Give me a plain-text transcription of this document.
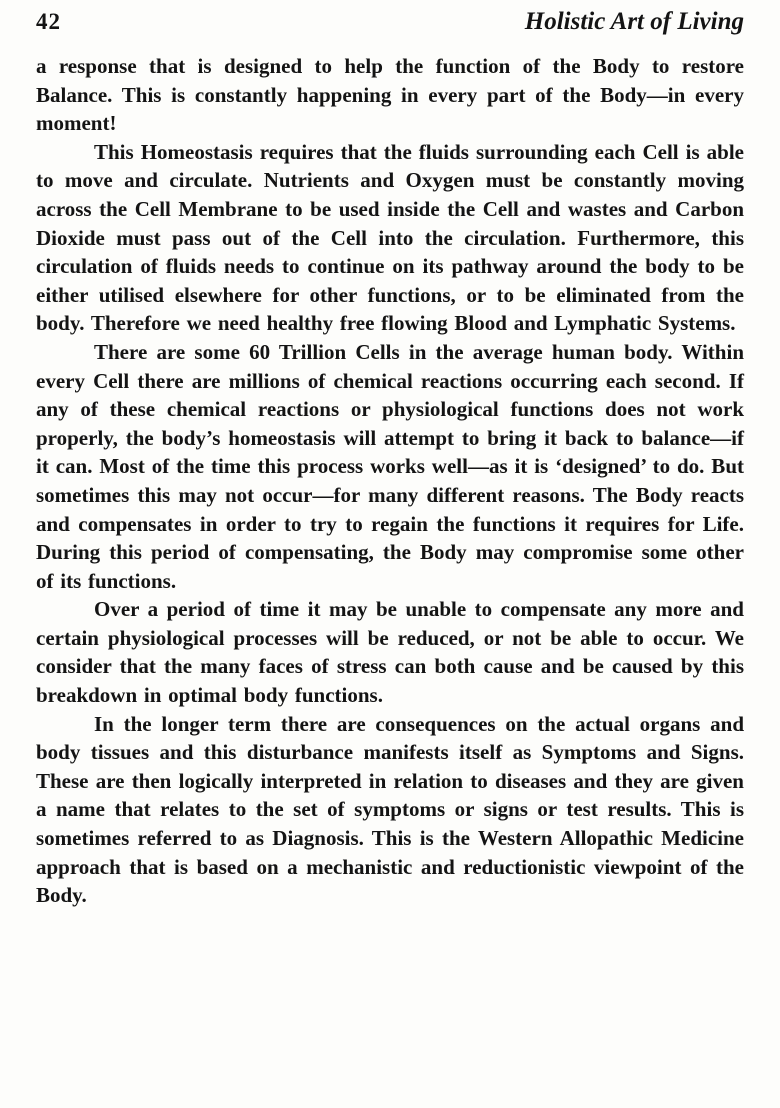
42	Holistic Art of Living

a response that is designed to help the function of the Body to restore Balance. This is constantly happening in every part of the Body—in every moment!

This Homeostasis requires that the fluids surrounding each Cell is able to move and circulate. Nutrients and Oxygen must be constantly moving across the Cell Membrane to be used inside the Cell and wastes and Carbon Dioxide must pass out of the Cell into the circulation. Furthermore, this circulation of fluids needs to continue on its pathway around the body to be either utilised elsewhere for other functions, or to be eliminated from the body. Therefore we need healthy free flowing Blood and Lymphatic Systems.

There are some 60 Trillion Cells in the average human body. Within every Cell there are millions of chemical reactions occurring each second. If any of these chemical reactions or physiological functions does not work properly, the body’s homeostasis will attempt to bring it back to balance—if it can. Most of the time this process works well—as it is ‘designed’ to do. But sometimes this may not occur—for many different reasons. The Body reacts and compensates in order to try to regain the functions it requires for Life. During this period of compensating, the Body may compromise some other of its functions.

Over a period of time it may be unable to compensate any more and certain physiological processes will be reduced, or not be able to occur. We consider that the many faces of stress can both cause and be caused by this breakdown in optimal body functions.

In the longer term there are consequences on the actual organs and body tissues and this disturbance manifests itself as Symptoms and Signs. These are then logically interpreted in relation to diseases and they are given a name that relates to the set of symptoms or signs or test results. This is sometimes referred to as Diagnosis. This is the Western Allopathic Medicine approach that is based on a mechanistic and reductionistic viewpoint of the Body.
